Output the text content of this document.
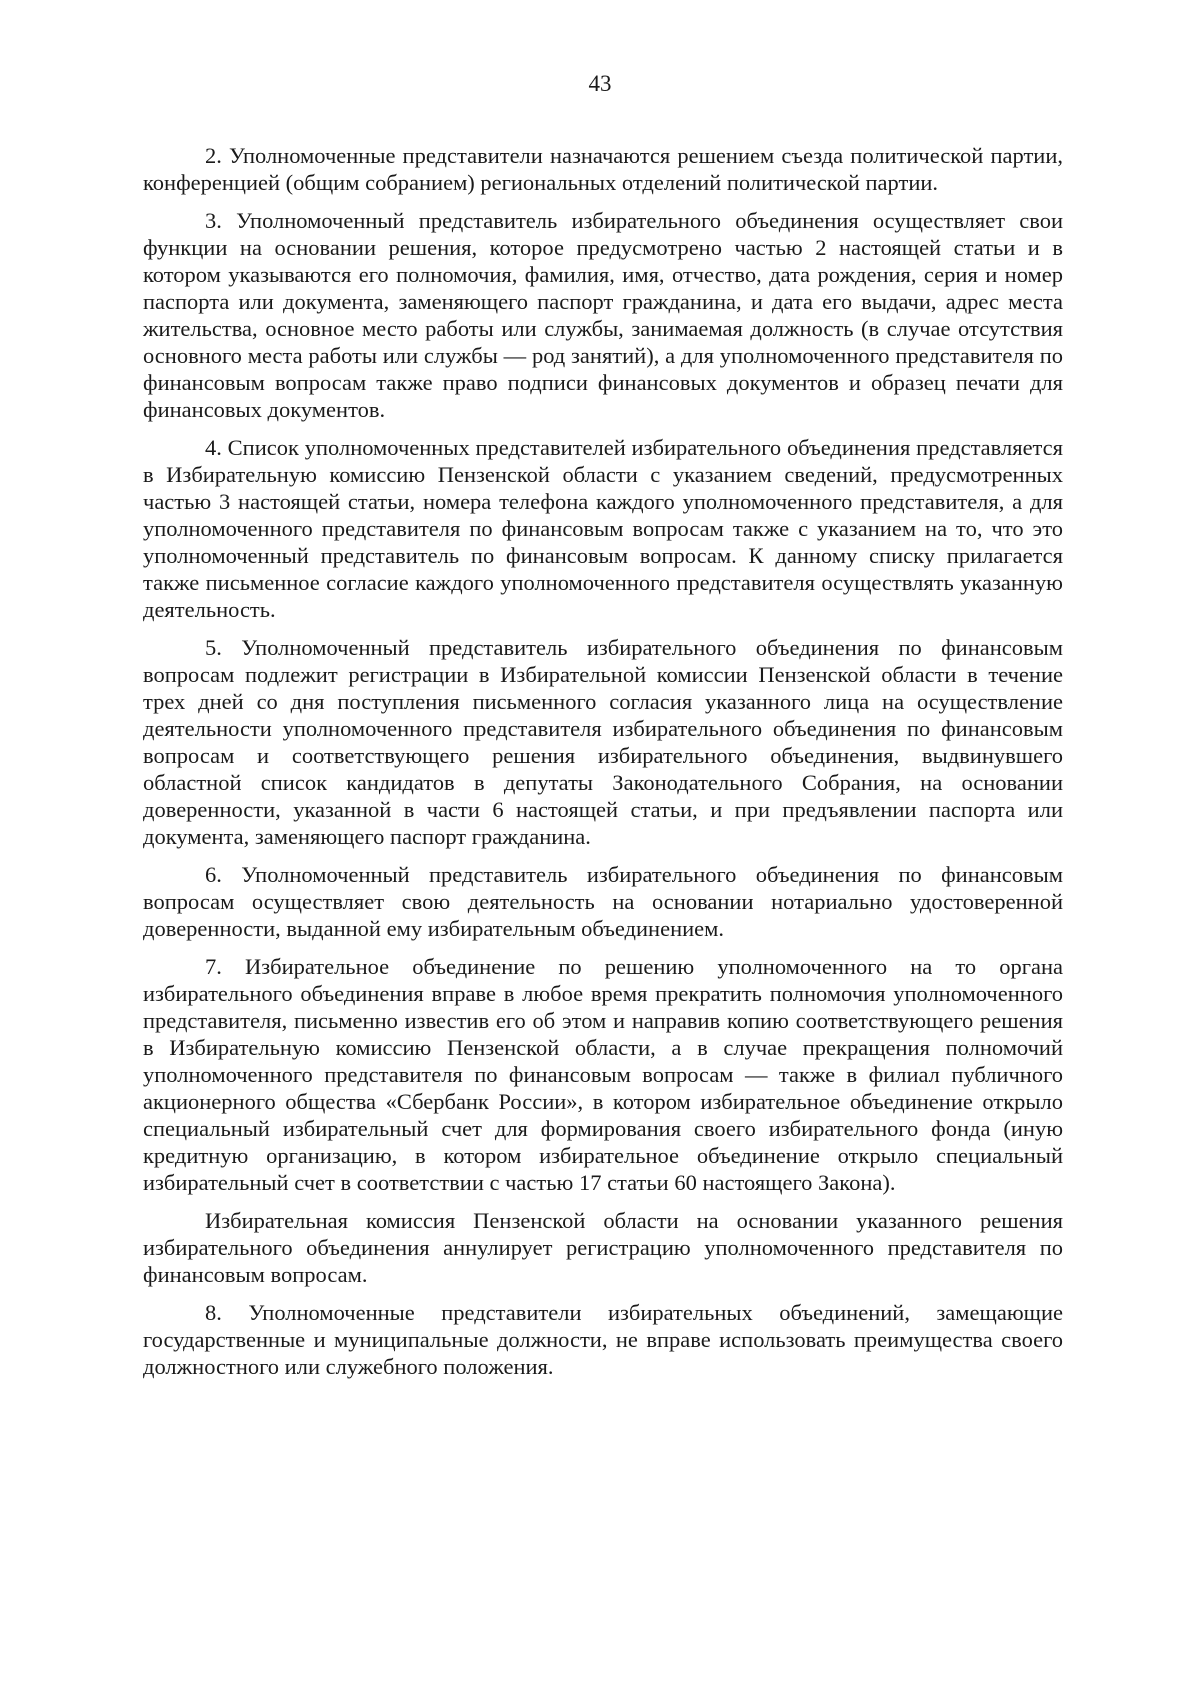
43

2. Уполномоченные представители назначаются решением съезда политической партии, конференцией (общим собранием) региональных отделений политической партии.

3. Уполномоченный представитель избирательного объединения осуществляет свои функции на основании решения, которое предусмотрено частью 2 настоящей статьи и в котором указываются его полномочия, фамилия, имя, отчество, дата рождения, серия и номер паспорта или документа, заменяющего паспорт гражданина, и дата его выдачи, адрес места жительства, основное место работы или службы, занимаемая должность (в случае отсутствия основного места работы или службы — род занятий), а для уполномоченного представителя по финансовым вопросам также право подписи финансовых документов и образец печати для финансовых документов.

4. Список уполномоченных представителей избирательного объединения представляется в Избирательную комиссию Пензенской области с указанием сведений, предусмотренных частью 3 настоящей статьи, номера телефона каждого уполномоченного представителя, а для уполномоченного представителя по финансовым вопросам также с указанием на то, что это уполномоченный представитель по финансовым вопросам. К данному списку прилагается также письменное согласие каждого уполномоченного представителя осуществлять указанную деятельность.

5. Уполномоченный представитель избирательного объединения по финансовым вопросам подлежит регистрации в Избирательной комиссии Пензенской области в течение трех дней со дня поступления письменного согласия указанного лица на осуществление деятельности уполномоченного представителя избирательного объединения по финансовым вопросам и соответствующего решения избирательного объединения, выдвинувшего областной список кандидатов в депутаты Законодательного Собрания, на основании доверенности, указанной в части 6 настоящей статьи, и при предъявлении паспорта или документа, заменяющего паспорт гражданина.

6. Уполномоченный представитель избирательного объединения по финансовым вопросам осуществляет свою деятельность на основании нотариально удостоверенной доверенности, выданной ему избирательным объединением.

7. Избирательное объединение по решению уполномоченного на то органа избирательного объединения вправе в любое время прекратить полномочия уполномоченного представителя, письменно известив его об этом и направив копию соответствующего решения в Избирательную комиссию Пензенской области, а в случае прекращения полномочий уполномоченного представителя по финансовым вопросам — также в филиал публичного акционерного общества «Сбербанк России», в котором избирательное объединение открыло специальный избирательный счет для формирования своего избирательного фонда (иную кредитную организацию, в котором избирательное объединение открыло специальный избирательный счет в соответствии с частью 17 статьи 60 настоящего Закона).

Избирательная комиссия Пензенской области на основании указанного решения избирательного объединения аннулирует регистрацию уполномоченного представителя по финансовым вопросам.

8. Уполномоченные представители избирательных объединений, замещающие государственные и муниципальные должности, не вправе использовать преимущества своего должностного или служебного положения.
